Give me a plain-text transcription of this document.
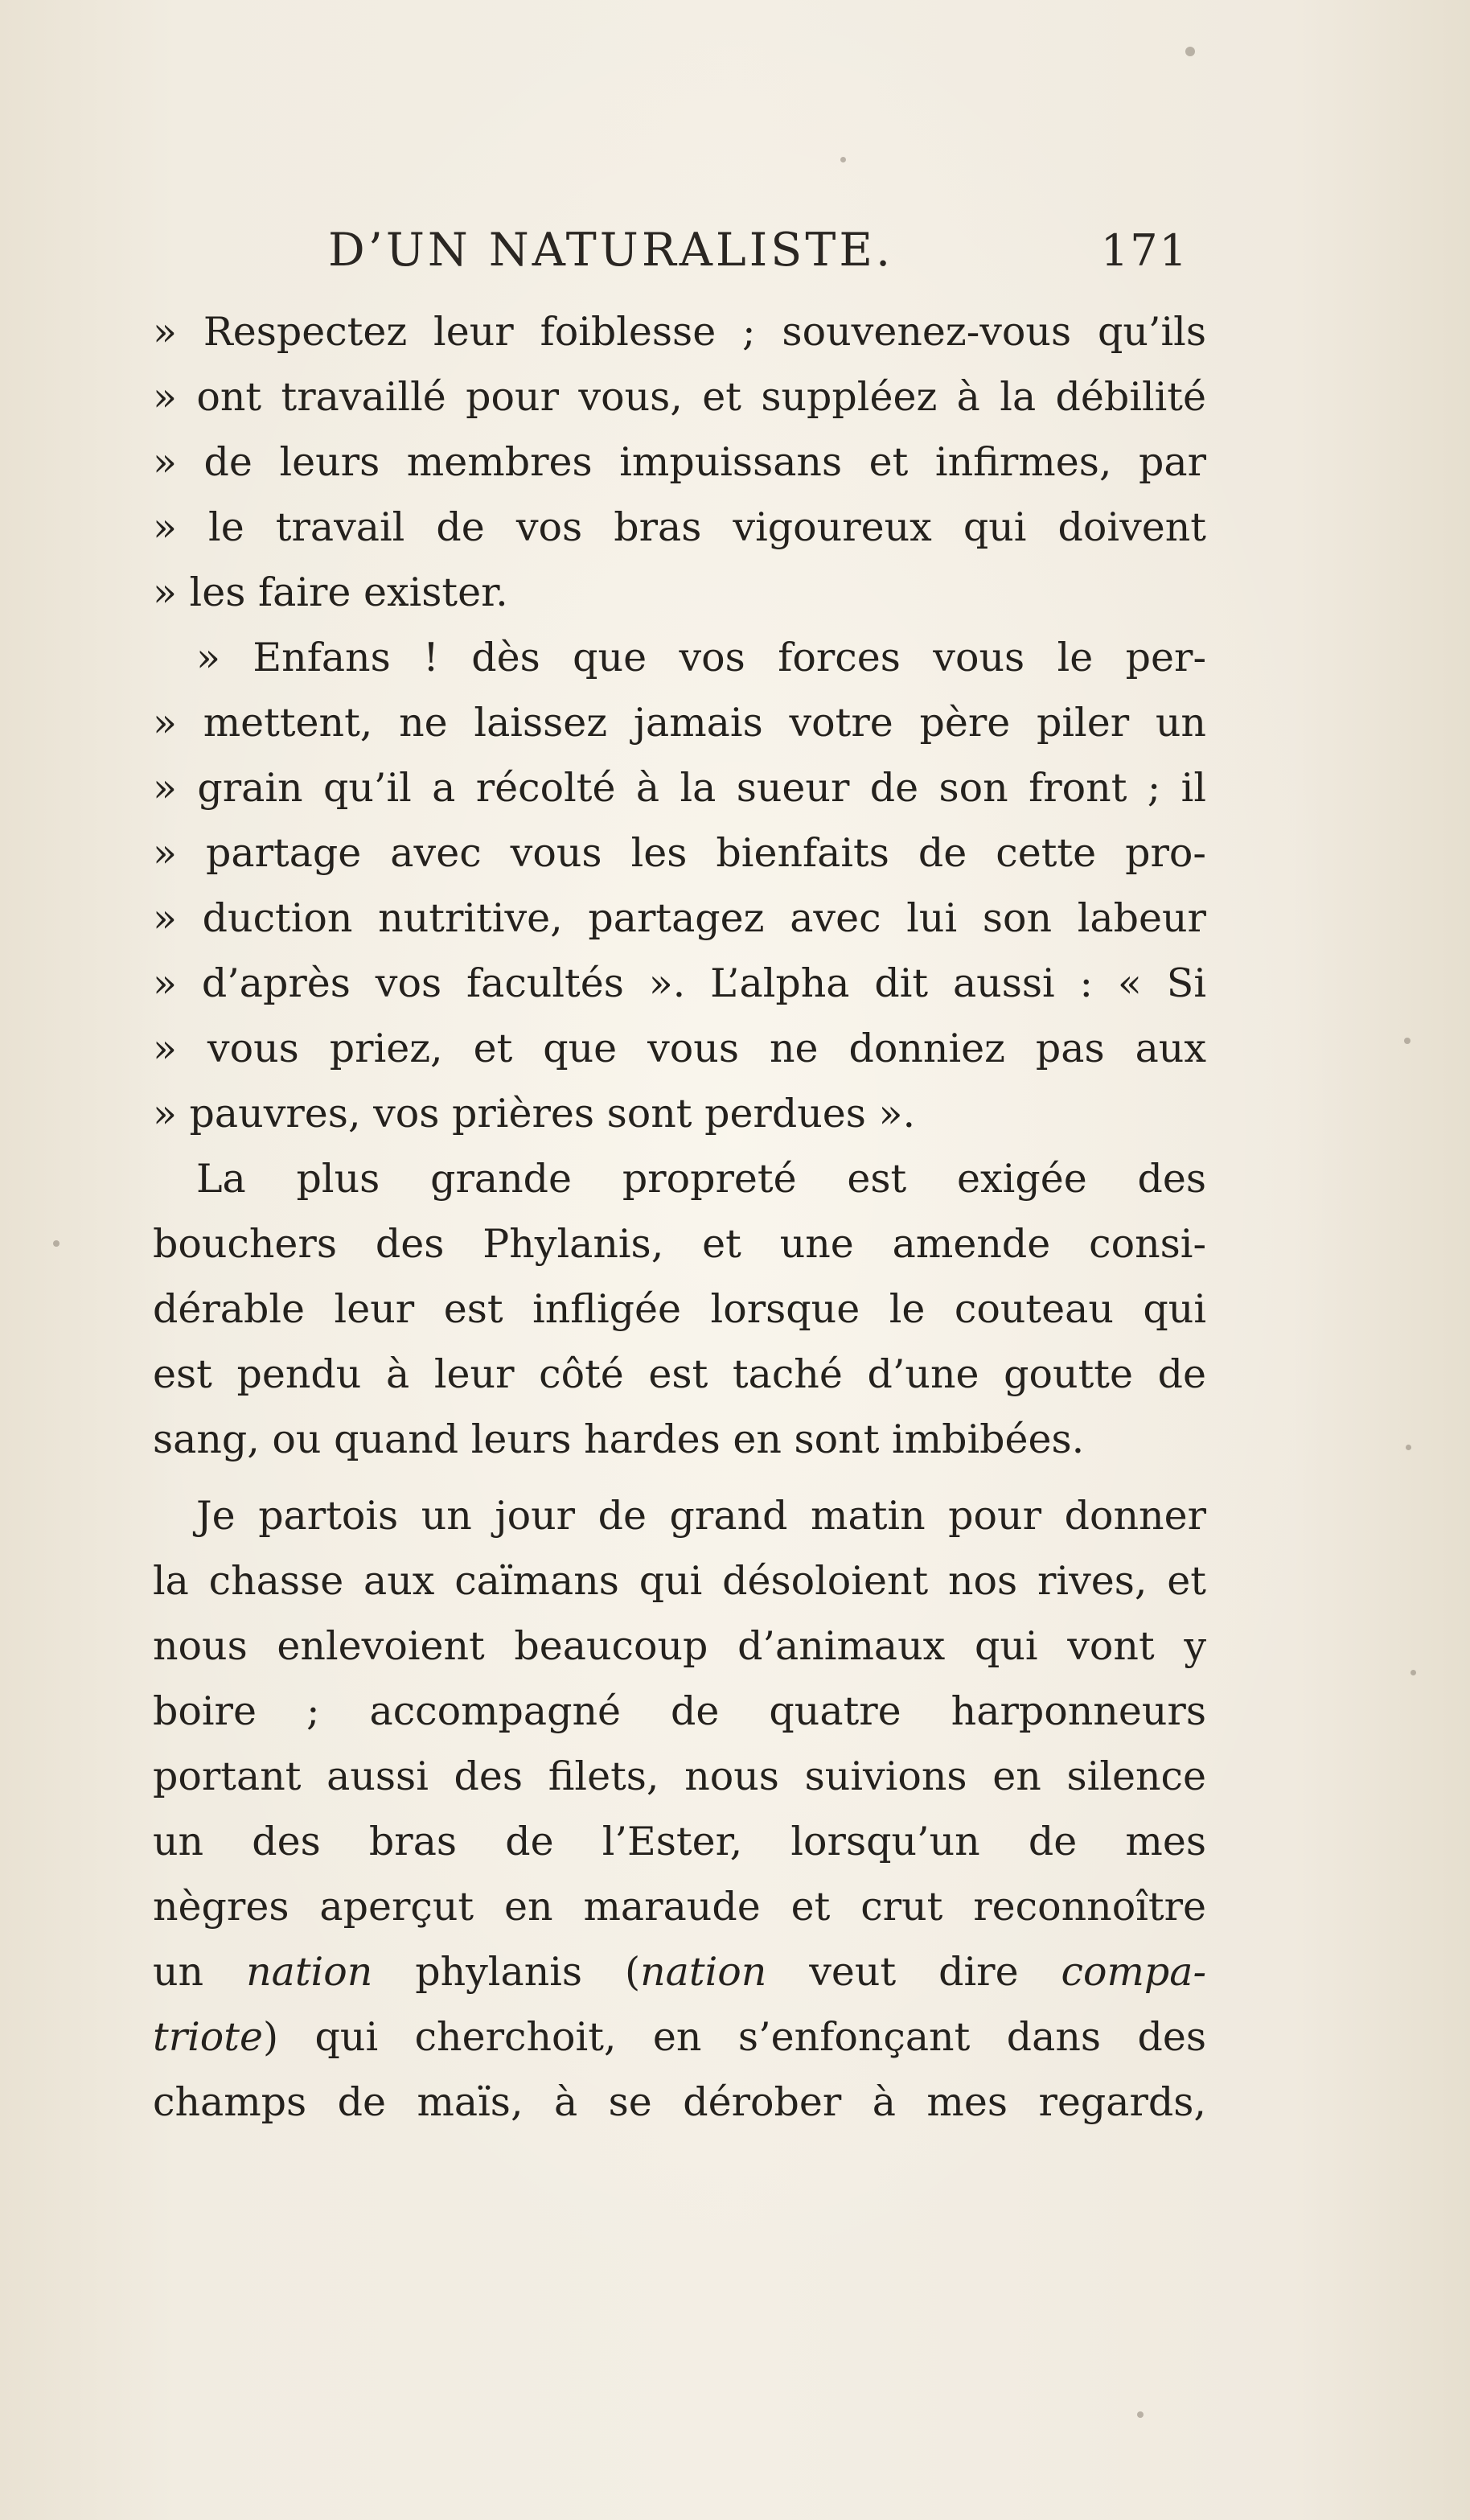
D’UN NATURALISTE.	171
» Respectez leur foiblesse ; souvenez-vous qu’ils
» ont travaillé pour vous, et suppléez à la débilité
» de leurs membres impuissans et infirmes, par
» le travail de vos bras vigoureux qui doivent
» les faire exister.
» Enfans ! dès que vos forces vous le per-
» mettent, ne laissez jamais votre père piler un
» grain qu’il a récolté à la sueur de son front ; il
» partage avec vous les bienfaits de cette pro-
» duction nutritive, partagez avec lui son labeur
» d’après vos facultés ». L’alpha dit aussi : « Si
» vous priez, et que vous ne donniez pas aux
» pauvres, vos prières sont perdues ».
La plus grande propreté est exigée des
bouchers des Phylanis, et une amende consi-
dérable leur est infligée lorsque le couteau qui
est pendu à leur côté est taché d’une goutte de
sang, ou quand leurs hardes en sont imbibées.
Je partois un jour de grand matin pour donner
la chasse aux caïmans qui désoloient nos rives, et
nous enlevoient beaucoup d’animaux qui vont y
boire ; accompagné de quatre harponneurs
portant aussi des filets, nous suivions en silence
un des bras de l’Ester, lorsqu’un de mes
nègres aperçut en maraude et crut reconnoître
un nation phylanis (nation veut dire compa-
triote) qui cherchoit, en s’enfonçant dans des
champs de maïs, à se dérober à mes regards,
